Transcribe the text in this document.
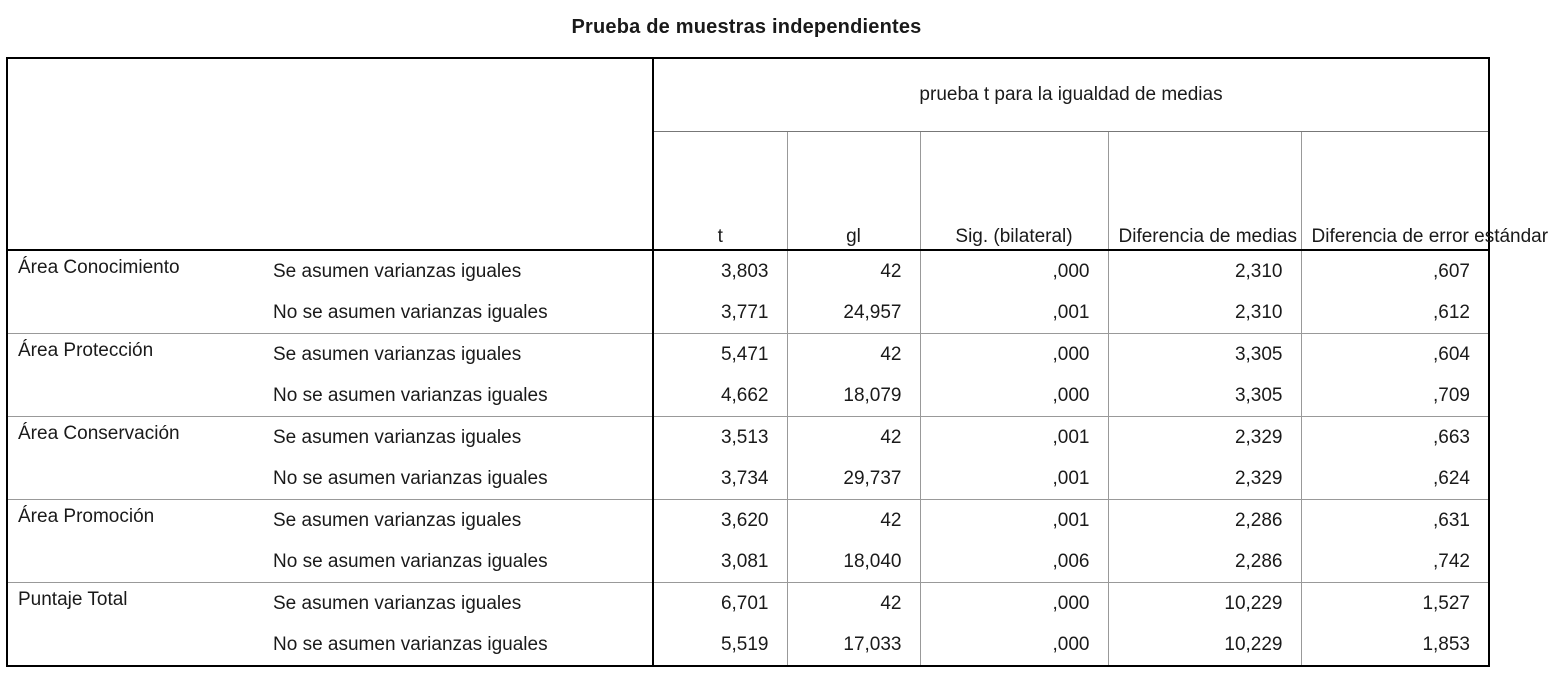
Prueba de muestras independientes
		prueba t para la igualdad de medias				
		t	gl	Sig. (bilateral)	Diferencia de medias	Diferencia de error estándar
Área Conocimiento	Se asumen varianzas iguales	3,803	42	,000	2,310	,607
	No se asumen varianzas iguales	3,771	24,957	,001	2,310	,612
Área Protección	Se asumen varianzas iguales	5,471	42	,000	3,305	,604
	No se asumen varianzas iguales	4,662	18,079	,000	3,305	,709
Área Conservación	Se asumen varianzas iguales	3,513	42	,001	2,329	,663
	No se asumen varianzas iguales	3,734	29,737	,001	2,329	,624
Área Promoción	Se asumen varianzas iguales	3,620	42	,001	2,286	,631
	No se asumen varianzas iguales	3,081	18,040	,006	2,286	,742
Puntaje Total	Se asumen varianzas iguales	6,701	42	,000	10,229	1,527
	No se asumen varianzas iguales	5,519	17,033	,000	10,229	1,853
